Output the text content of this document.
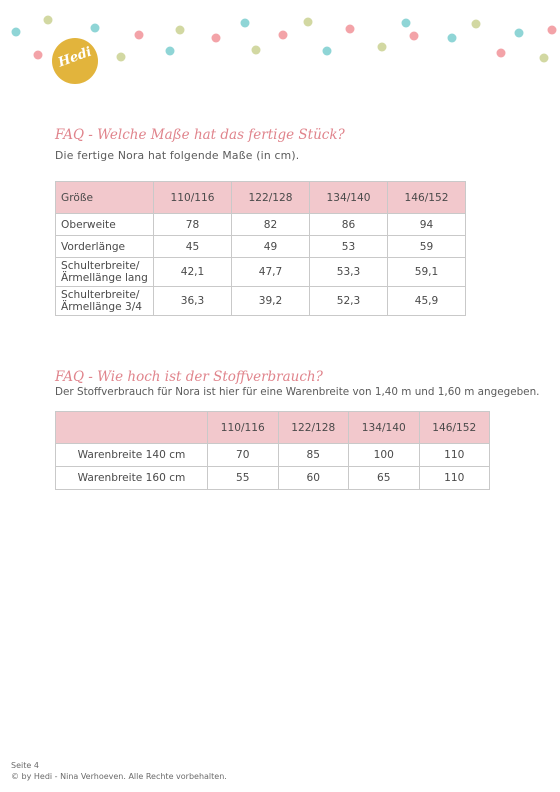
Hedi
FAQ - Welche Maße hat das fertige Stück?
Die fertige Nora hat folgende Maße (in cm).
Größe	110/116	122/128	134/140	146/152
Oberweite	78	82	86	94
Vorderlänge	45	49	53	59
Schulterbreite/ Ärmellänge lang	42,1	47,7	53,3	59,1
Schulterbreite/ Ärmellänge 3/4	36,3	39,2	52,3	45,9
FAQ - Wie hoch ist der Stoffverbrauch?
Der Stoffverbrauch für Nora ist hier für eine Warenbreite von 1,40 m und 1,60 m angegeben.
	110/116	122/128	134/140	146/152
Warenbreite 140 cm	70	85	100	110
Warenbreite 160 cm	55	60	65	110
Seite 4
© by Hedi - Nina Verhoeven. Alle Rechte vorbehalten.
